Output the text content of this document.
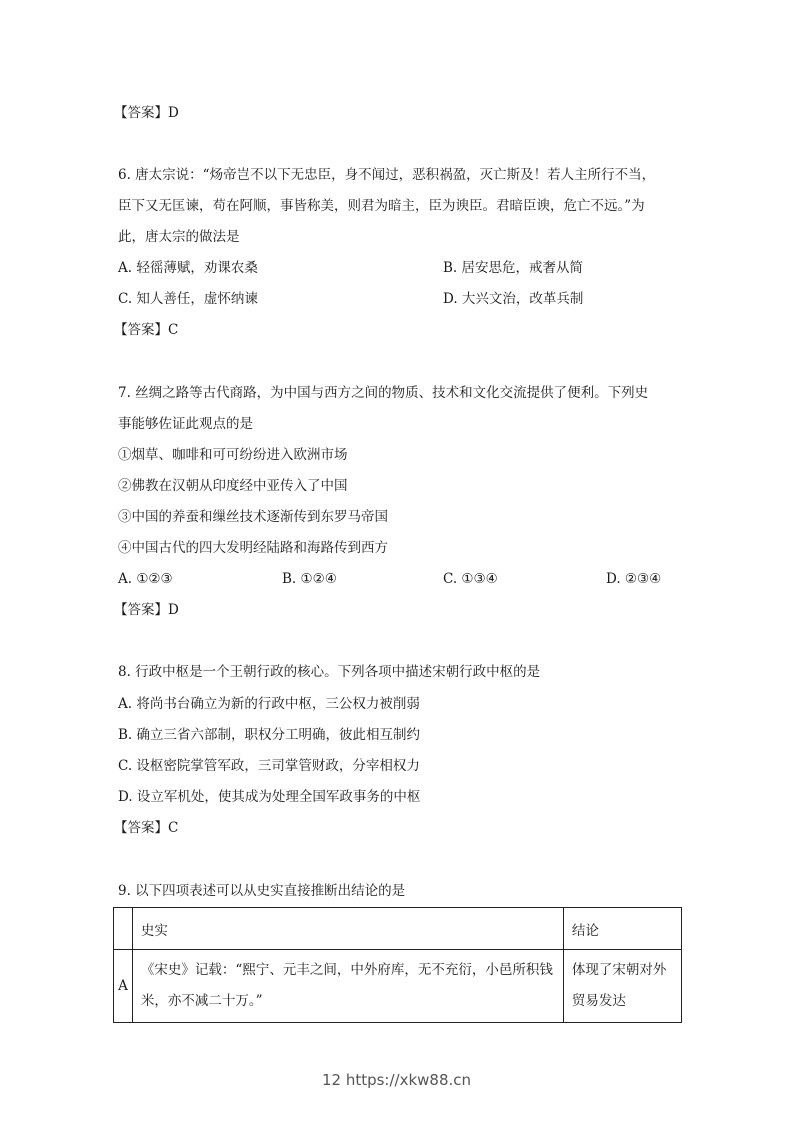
【答案】D
6. 唐太宗说：“炀帝岂不以下无忠臣，身不闻过，恶积祸盈，灭亡斯及！若人主所行不当，
臣下又无匡谏，苟在阿顺，事皆称美，则君为暗主，臣为谀臣。君暗臣谀，危亡不远。”为
此，唐太宗的做法是
A. 轻徭薄赋，劝课农桑	B. 居安思危，戒奢从简
C. 知人善任，虚怀纳谏	D. 大兴文治，改革兵制
【答案】C
7. 丝绸之路等古代商路，为中国与西方之间的物质、技术和文化交流提供了便利。下列史
事能够佐证此观点的是
①烟草、咖啡和可可纷纷进入欧洲市场
②佛教在汉朝从印度经中亚传入了中国
③中国的养蚕和缫丝技术逐渐传到东罗马帝国
④中国古代的四大发明经陆路和海路传到西方
A. ①②③	B. ①②④	C. ①③④	D. ②③④
【答案】D
8. 行政中枢是一个王朝行政的核心。下列各项中描述宋朝行政中枢的是
A. 将尚书台确立为新的行政中枢，三公权力被削弱
B. 确立三省六部制，职权分工明确，彼此相互制约
C. 设枢密院掌管军政，三司掌管财政，分宰相权力
D. 设立军机处，使其成为处理全国军政事务的中枢
【答案】C
9. 以下四项表述可以从史实直接推断出结论的是
	史实	结论
A	《宋史》记载：“熙宁、元丰之间，中外府库，无不充衍，小邑所积钱米，亦不减二十万。”	体现了宋朝对外贸易发达
12 https://xkw88.cn
